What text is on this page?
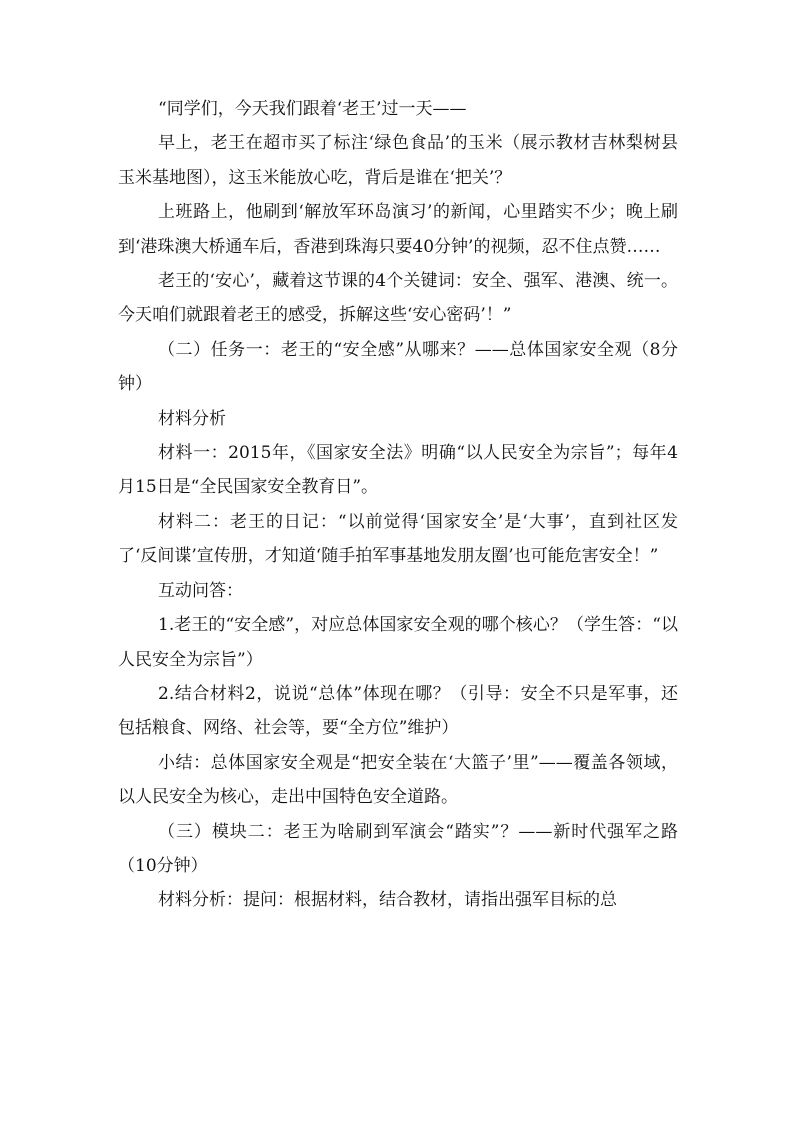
“同学们，今天我们跟着‘老王’过一天——

早上，老王在超市买了标注‘绿色食品’的玉米（展示教材吉林梨树县玉米基地图），这玉米能放心吃，背后是谁在‘把关’？

上班路上，他刷到‘解放军环岛演习’的新闻，心里踏实不少；晚上刷到‘港珠澳大桥通车后，香港到珠海只要40分钟’的视频，忍不住点赞……

老王的‘安心’，藏着这节课的4个关键词：安全、强军、港澳、统一。今天咱们就跟着老王的感受，拆解这些‘安心密码’！”

（二）任务一：老王的“安全感”从哪来？——总体国家安全观（8分钟）

材料分析

材料一：2015年，《国家安全法》明确“以人民安全为宗旨”；每年4月15日是“全民国家安全教育日”。

材料二：老王的日记：“以前觉得‘国家安全’是‘大事’，直到社区发了‘反间谍’宣传册，才知道‘随手拍军事基地发朋友圈’也可能危害安全！”

互动问答：

1.老王的“安全感”，对应总体国家安全观的哪个核心？（学生答：“以人民安全为宗旨”）

2.结合材料2，说说“总体”体现在哪？（引导：安全不只是军事，还包括粮食、网络、社会等，要“全方位”维护）

小结：总体国家安全观是“把安全装在‘大篮子’里”——覆盖各领域，以人民安全为核心，走出中国特色安全道路。

（三）模块二：老王为啥刷到军演会“踏实”？——新时代强军之路（10分钟）

材料分析：提问：根据材料，结合教材，请指出强军目标的总
